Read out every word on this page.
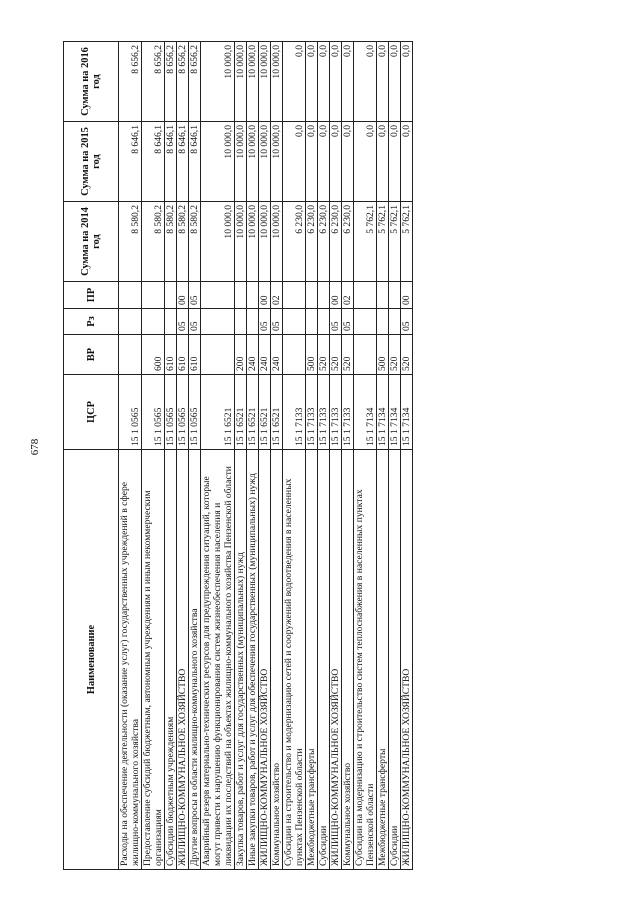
678
Наименование	ЦСР	ВР	Рз	ПР	Сумма на 2014 год	Сумма на 2015 год	Сумма на 2016 год
Расходы на обеспечение деятельности (оказание услуг) государственных учреждений в сфере жилищно-коммунального хозяйства	15 1 0565				8 580,2	8 646,1	8 656,2
Предоставление субсидий бюджетным, автономным учреждениям и иным некоммерческим организациям	15 1 0565	600			8 580,2	8 646,1	8 656,2
Субсидии бюджетным учреждениям	15 1 0565	610			8 580,2	8 646,1	8 656,2
ЖИЛИЩНО-КОММУНАЛЬНОЕ ХОЗЯЙСТВО	15 1 0565	610	05	00	8 580,2	8 646,1	8 656,2
Другие вопросы в области жилищно-коммунального хозяйства	15 1 0565	610	05	05	8 580,2	8 646,1	8 656,2
Аварийный резерв материально-технических ресурсов для предупреждения ситуаций, которые могут привести к нарушению функционирования систем жизнеобеспечения населения и ликвидации их последствий на объектах жилищно-коммунального хозяйства Пензенской области	15 1 6521				10 000,0	10 000,0	10 000,0
Закупка товаров, работ и услуг для государственных (муниципальных) нужд	15 1 6521	200			10 000,0	10 000,0	10 000,0
Иные закупки товаров, работ и услуг для обеспечения государственных (муниципальных) нужд	15 1 6521	240			10 000,0	10 000,0	10 000,0
ЖИЛИЩНО-КОММУНАЛЬНОЕ ХОЗЯЙСТВО	15 1 6521	240	05	00	10 000,0	10 000,0	10 000,0
Коммунальное хозяйство	15 1 6521	240	05	02	10 000,0	10 000,0	10 000,0
Субсидии на строительство и модернизацию сетей и сооружений водоотведения в населенных пунктах Пензенской области	15 1 7133				6 230,0	0,0	0,0
Межбюджетные трансферты	15 1 7133	500			6 230,0	0,0	0,0
Субсидии	15 1 7133	520			6 230,0	0,0	0,0
ЖИЛИЩНО-КОММУНАЛЬНОЕ ХОЗЯЙСТВО	15 1 7133	520	05	00	6 230,0	0,0	0,0
Коммунальное хозяйство	15 1 7133	520	05	02	6 230,0	0,0	0,0
Субсидии на модернизацию и строительство систем теплоснабжения в населенных пунктах Пензенской области	15 1 7134				5 762,1	0,0	0,0
Межбюджетные трансферты	15 1 7134	500			5 762,1	0,0	0,0
Субсидии	15 1 7134	520			5 762,1	0,0	0,0
ЖИЛИЩНО-КОММУНАЛЬНОЕ ХОЗЯЙСТВО	15 1 7134	520	05	00	5 762,1	0,0	0,0
